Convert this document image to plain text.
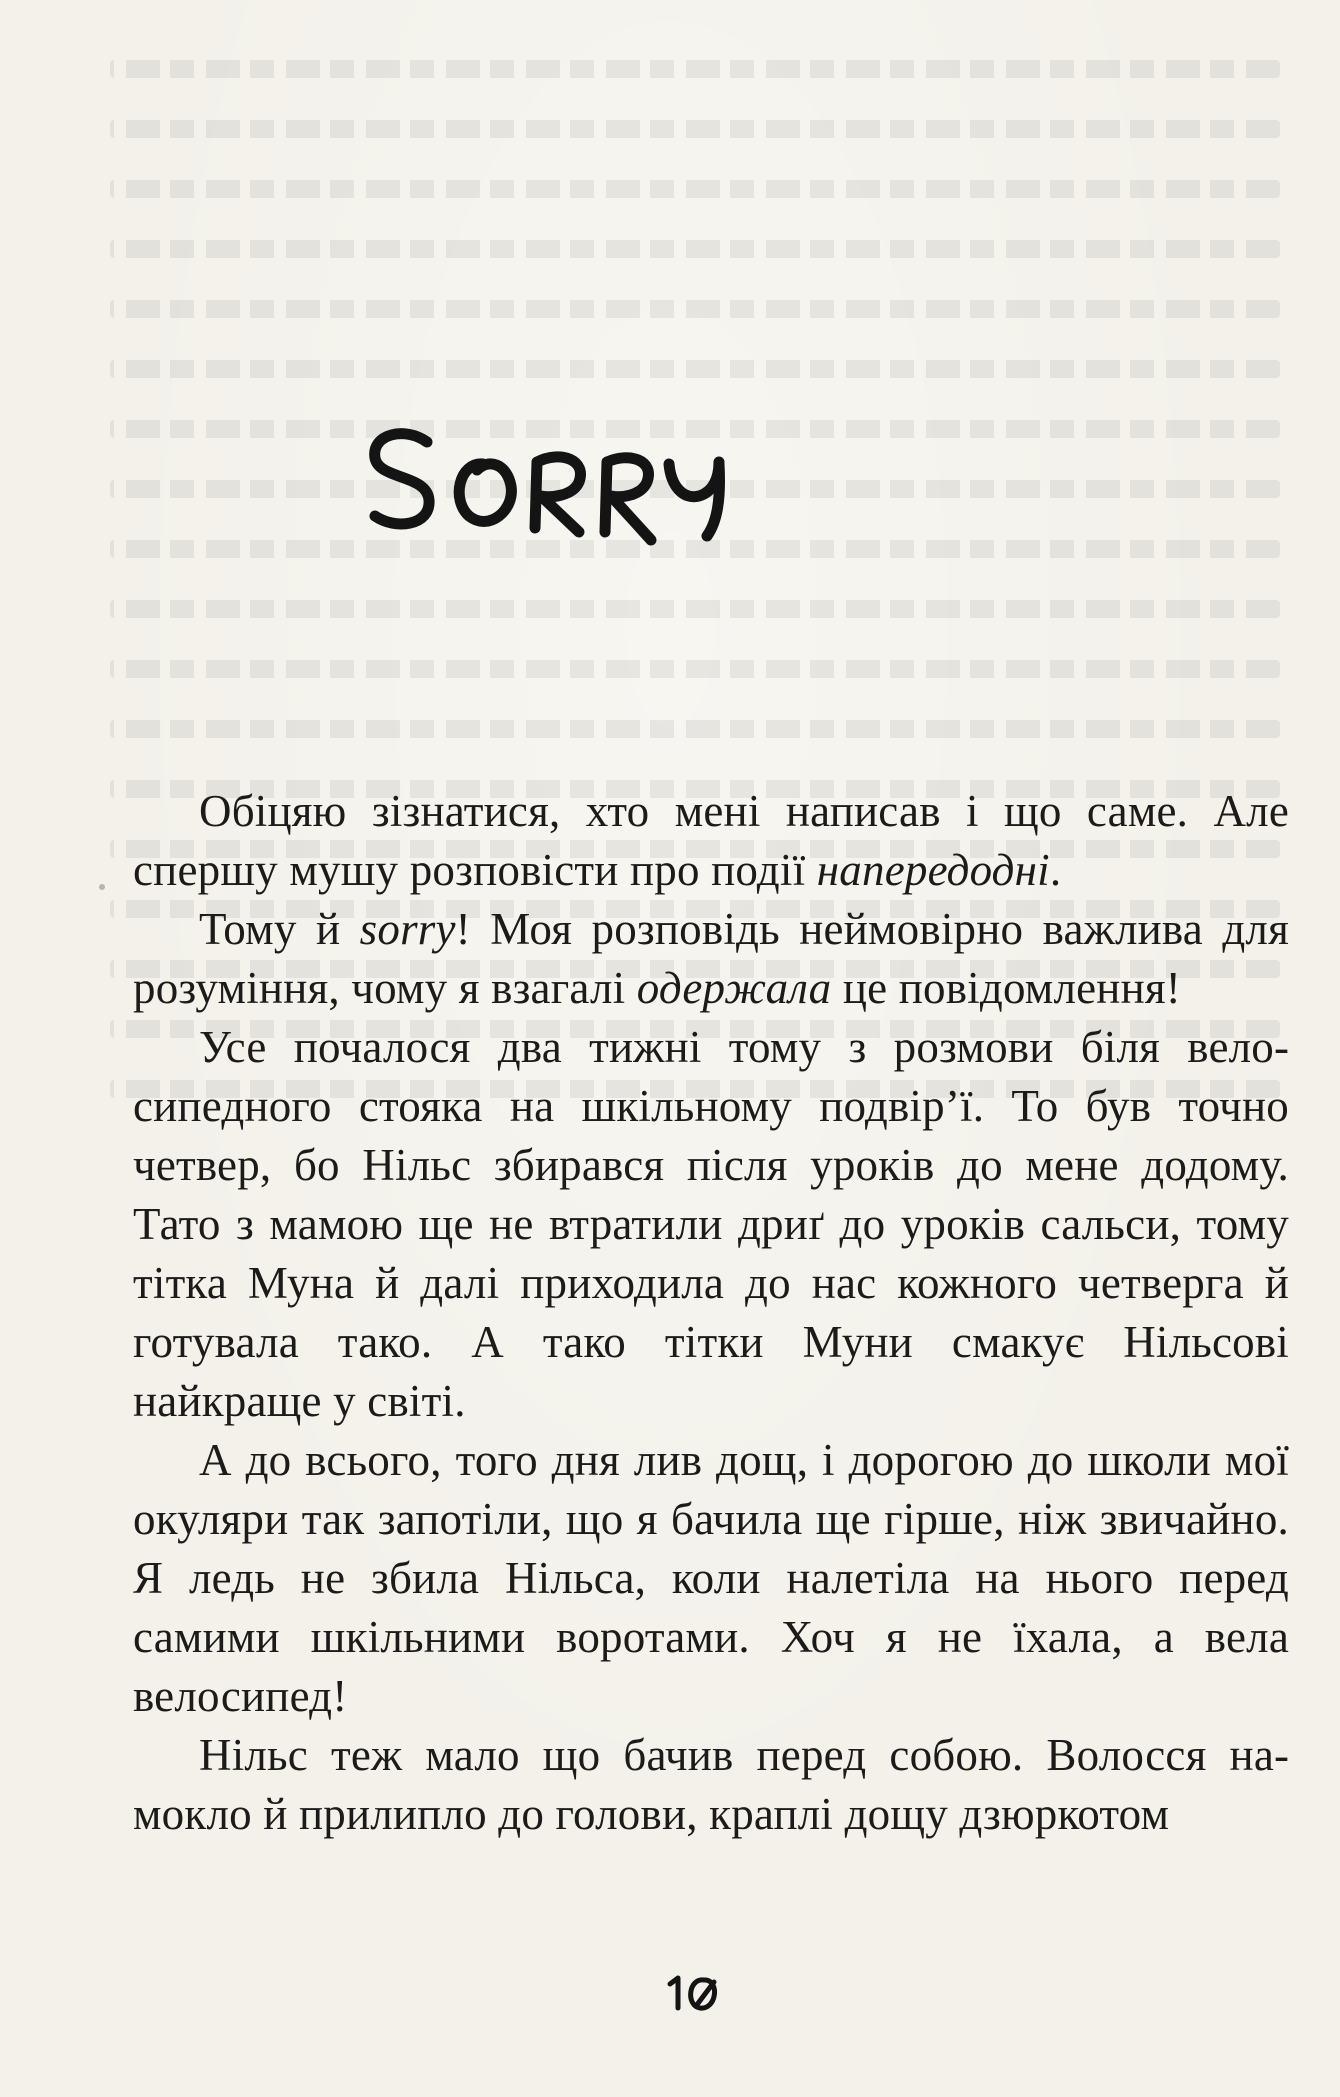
Обіцяю зізнатися, хто мені написав і що саме. Але спершу мушу розповісти про події напередодні.

Тому й sorry! Моя розповідь неймовірно важлива для розуміння, чому я взагалі одержала це повідомлення!

Усе почалося два тижні тому з розмови біля велосипедного стояка на шкільному подвір’ї. То був точно четвер, бо Нільс збирався після уроків до мене додому. Тато з мамою ще не втратили дриґ до уроків сальси, тому тітка Муна й далі приходила до нас кожного четверга й готувала тако. А тако тітки Муни смакує Нільсові найкраще у світі.

А до всього, того дня лив дощ, і дорогою до школи мої окуляри так запотіли, що я бачила ще гірше, ніж звичайно. Я ледь не збила Нільса, коли налетіла на нього перед самими шкільними воротами. Хоч я не їхала, а вела велосипед!

Нільс теж мало що бачив перед собою. Волосся намокло й прилипло до голови, краплі дощу дзюркотом
